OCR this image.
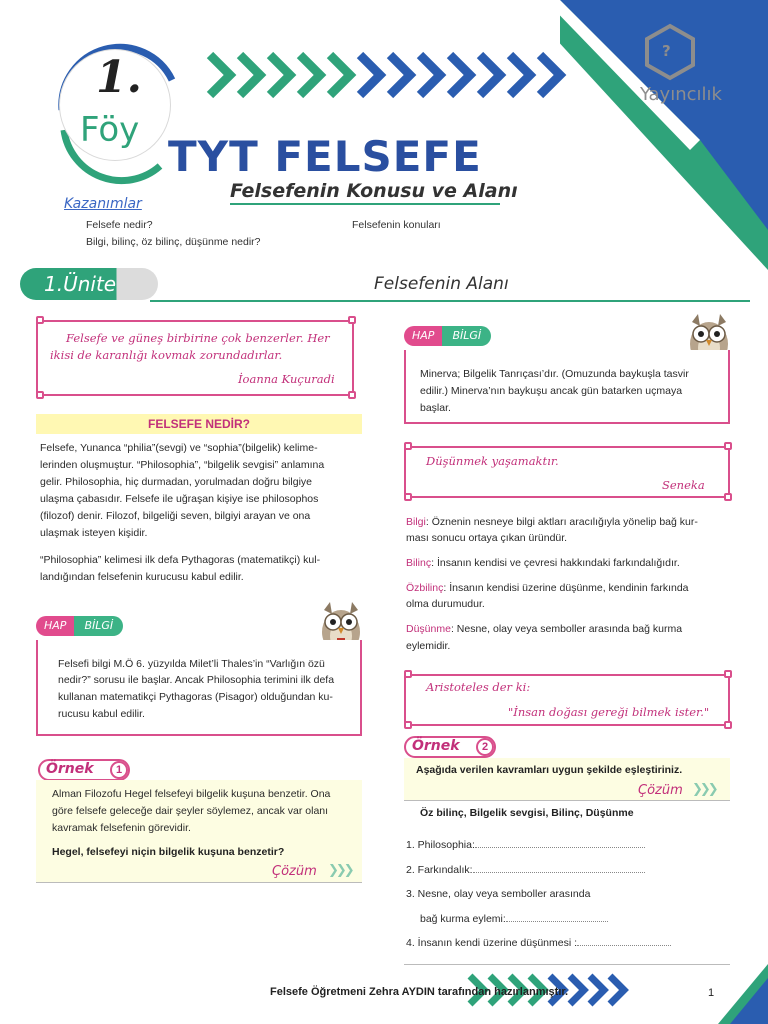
1.
Föy
?
Yayıncılık
TYT FELSEFE
Felsefenin Konusu ve Alanı
Kazanımlar
Felsefe nedir?
Bilgi, bilinç, öz bilinç, düşünme nedir?
Felsefenin konuları
1.Ünite	Felsefenin Alanı
Felsefe ve güneş birbirine çok benzerler. Her
ikisi de karanlığı kovmak zorundadırlar.
İoanna Kuçuradi
FELSEFE NEDİR?
Felsefe, Yunanca “philia”(sevgi) ve “sophia”(bilgelik) kelime-
lerinden oluşmuştur. “Philosophia”, “bilgelik sevgisi” anlamına
gelir. Philosophia, hiç durmadan, yorulmadan doğru bilgiye
ulaşma çabasıdır. Felsefe ile uğraşan kişiye ise philosophos
(filozof) denir. Filozof, bilgeliği seven, bilgiyi arayan ve ona
ulaşmak isteyen kişidir.
“Philosophia” kelimesi ilk defa Pythagoras (matematikçi) kul-
landığından felsefenin kurucusu kabul edilir.
HAP	BİLGİ
Felsefi bilgi M.Ö 6. yüzyılda Milet’li Thales’in “Varlığın özü
nedir?” sorusu ile başlar. Ancak Philosophia terimini ilk defa
kullanan matematikçi Pythagoras (Pisagor) olduğundan ku-
rucusu kabul edilir.
Örnek	1
Alman Filozofu Hegel felsefeyi bilgelik kuşuna benzetir. Ona
göre felsefe geleceğe dair şeyler söylemez, ancak var olanı
kavramak felsefenin görevidir.
Hegel, felsefeyi niçin bilgelik kuşuna benzetir?
Çözüm ❯❯❯
HAP	BİLGİ
Minerva; Bilgelik Tanrıçası’dır. (Omuzunda baykuşla tasvir
edilir.) Minerva’nın baykuşu ancak gün batarken uçmaya
başlar.
Düşünmek yaşamaktır.
Seneka
Bilgi: Öznenin nesneye bilgi aktları aracılığıyla yönelip bağ kur-
ması sonucu ortaya çıkan üründür.
Bilinç: İnsanın kendisi ve çevresi hakkındaki farkındalığıdır.
Özbilinç: İnsanın kendisi üzerine düşünme, kendinin farkında
olma durumudur.
Düşünme: Nesne, olay veya semboller arasında bağ kurma
eylemidir.
Aristoteles der ki:
"İnsan doğası gereği bilmek ister."
Örnek	2
Aşağıda verilen kavramları uygun şekilde eşleştiriniz.
Çözüm ❯❯❯
Öz bilinç, Bilgelik sevgisi, Bilinç, Düşünme
1. Philosophia:
2. Farkındalık:
3. Nesne, olay veya semboller arasında
bağ kurma eylemi:
4. İnsanın kendi üzerine düşünmesi :
Felsefe Öğretmeni Zehra AYDIN tarafından hazırlanmıştır.	1
